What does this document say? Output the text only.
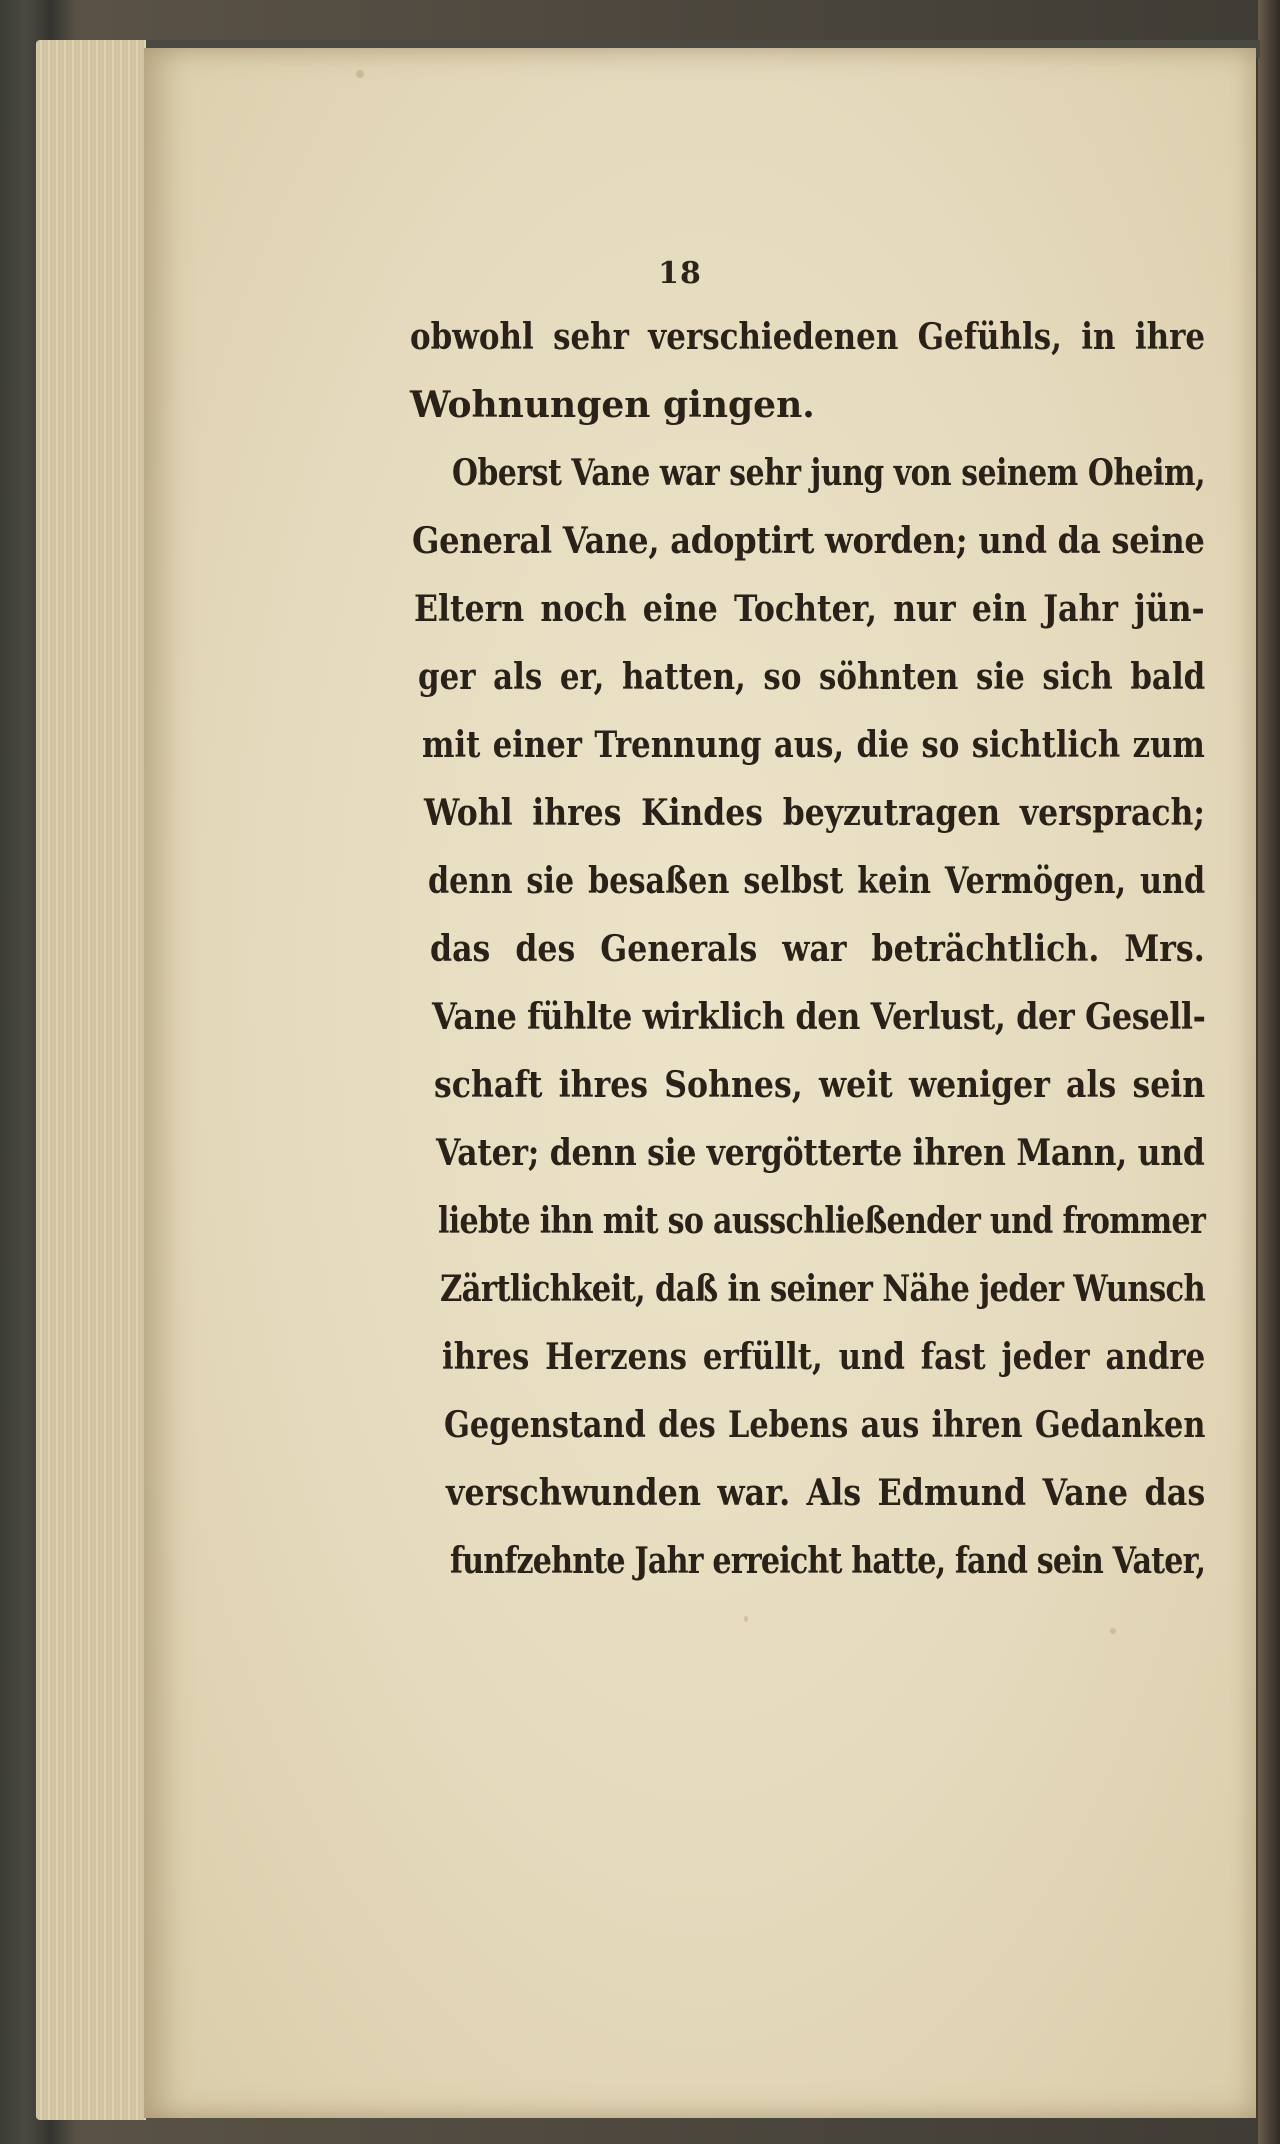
18
obwohl sehr verschiedenen Gefühls, in ihre
Wohnungen gingen.
Oberst Vane war sehr jung von seinem Oheim,
General Vane, adoptirt worden; und da seine
Eltern noch eine Tochter, nur ein Jahr jün-
ger als er, hatten, so söhnten sie sich bald
mit einer Trennung aus, die so sichtlich zum
Wohl ihres Kindes beyzutragen versprach;
denn sie besaßen selbst kein Vermögen, und
das des Generals war beträchtlich. Mrs.
Vane fühlte wirklich den Verlust, der Gesell-
schaft ihres Sohnes, weit weniger als sein
Vater; denn sie vergötterte ihren Mann, und
liebte ihn mit so ausschließender und frommer
Zärtlichkeit, daß in seiner Nähe jeder Wunsch
ihres Herzens erfüllt, und fast jeder andre
Gegenstand des Lebens aus ihren Gedanken
verschwunden war. Als Edmund Vane das
funfzehnte Jahr erreicht hatte, fand sein Vater,
